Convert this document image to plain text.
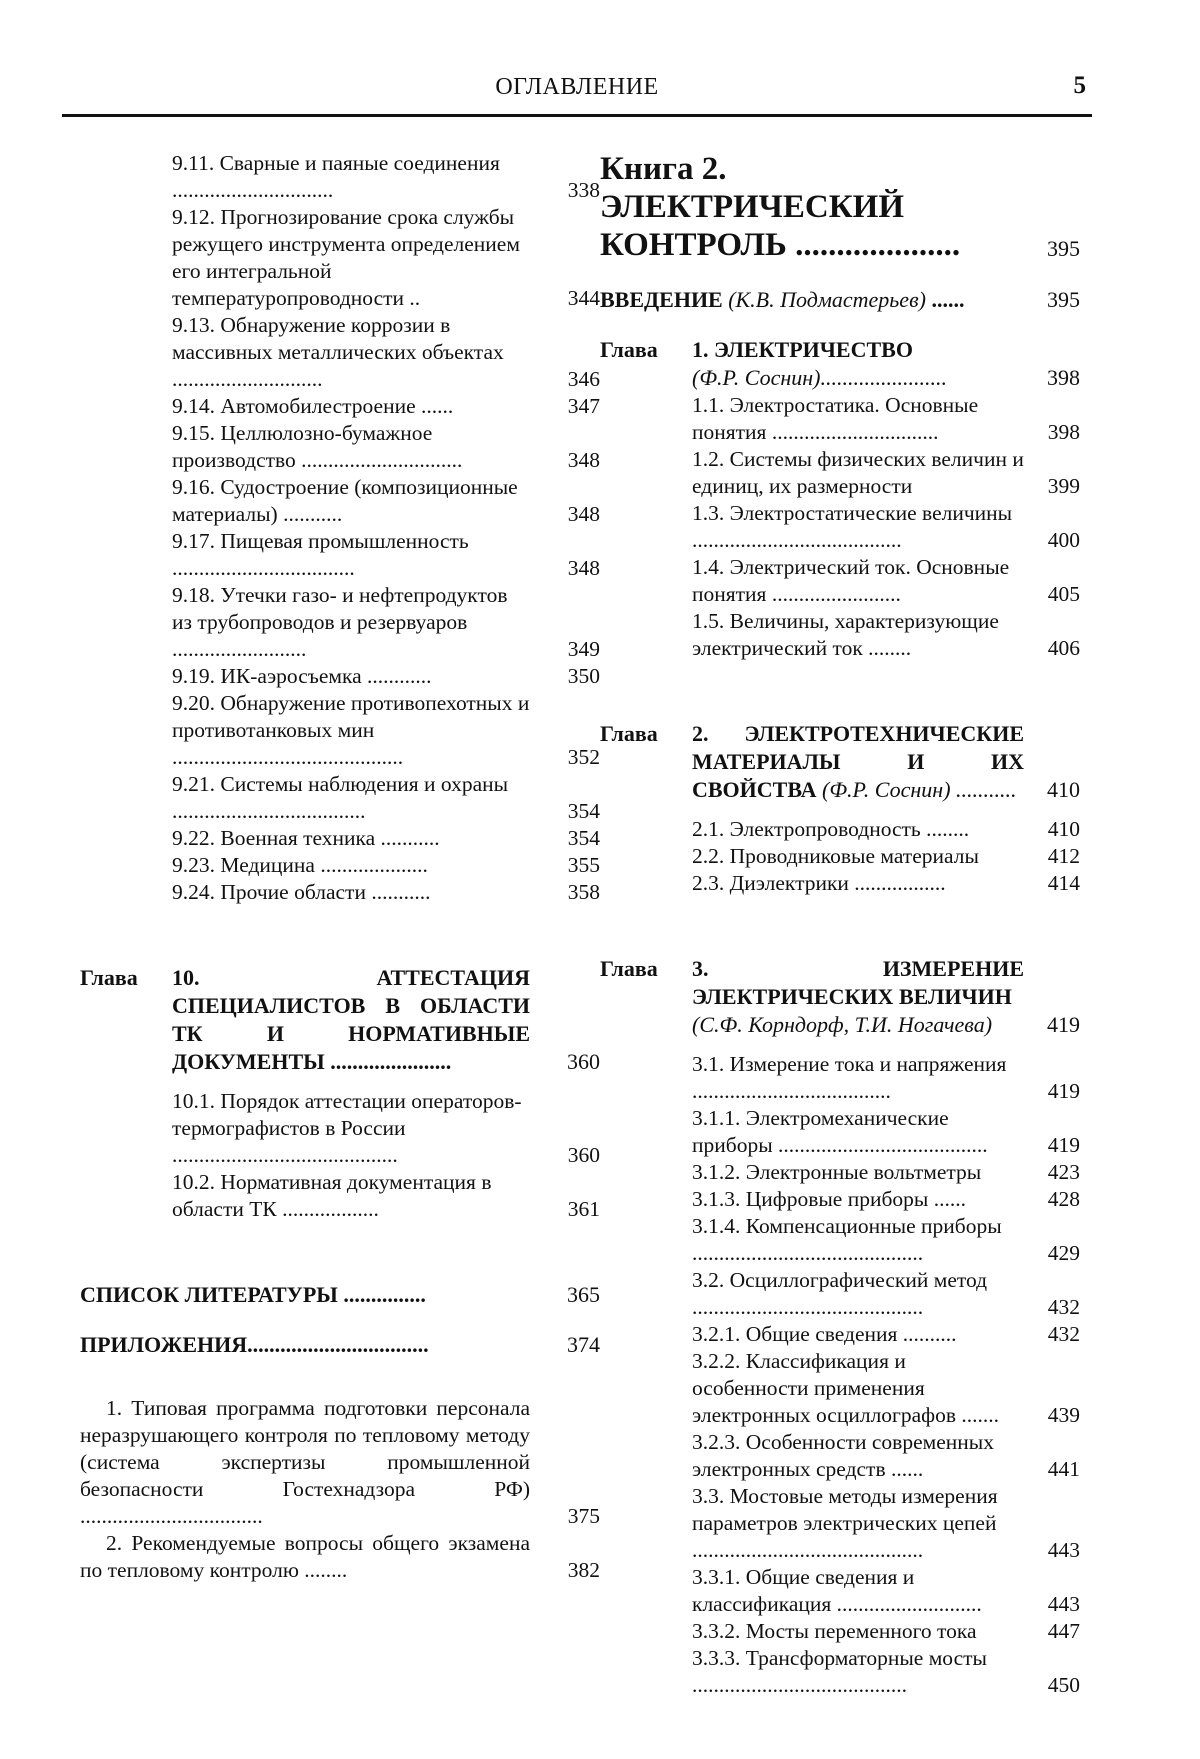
ОГЛАВЛЕНИЕ	5
9.11. Сварные и паяные соединения ..............................	338
9.12. Прогнозирование срока службы режущего инструмента определением его интегральной температуропроводности ..	344
9.13. Обнаружение коррозии в массивных металлических объектах ............................	346
9.14. Автомобилестроение ......	347
9.15. Целлюлозно-бумажное производство ..............................	348
9.16. Судостроение (композиционные материалы) ...........	348
9.17. Пищевая промышленность ..................................	348
9.18. Утечки газо- и нефтепродуктов из трубопроводов и резервуаров .........................	349
9.19. ИК-аэросъемка ............	350
9.20. Обнаружение противопехотных и противотанковых мин ...........................................	352
9.21. Системы наблюдения и охраны ....................................	354
9.22. Военная техника ...........	354
9.23. Медицина ....................	355
9.24. Прочие области ...........	358
Глава	10. АТТЕСТАЦИЯ СПЕЦИАЛИСТОВ В ОБЛАСТИ ТК И НОРМАТИВНЫЕ ДОКУМЕНТЫ ......................	360
10.1. Порядок аттестации операторов-термографистов в России ..........................................	360
10.2. Нормативная документация в области ТК ..................	361
СПИСОК ЛИТЕРАТУРЫ ...............	365
ПРИЛОЖЕНИЯ.................................	374
1. Типовая программа подготовки персонала неразрушающего контроля по тепловому методу (система экспертизы промышленной безопасности Гостехнадзора РФ) ..................................	375
2. Рекомендуемые вопросы общего экзамена по тепловому контролю ........	382
Книга 2. ЭЛЕКТРИЧЕСКИЙ КОНТРОЛЬ ....................	395
ВВЕДЕНИЕ (К.В. Подмастерьев) ......	395
Глава	1. ЭЛЕКТРИЧЕСТВО
(Ф.Р. Соснин).......................	398
1.1. Электростатика. Основные понятия ...............................	398
1.2. Системы физических величин и единиц, их размерности	399
1.3. Электростатические величины .......................................	400
1.4. Электрический ток. Основные понятия ........................	405
1.5. Величины, характеризующие электрический ток ........	406
Глава	2. ЭЛЕКТРОТЕХНИЧЕСКИЕ МАТЕРИАЛЫ И ИХ СВОЙСТВА (Ф.Р. Соснин) ...........	410
2.1. Электропроводность ........	410
2.2. Проводниковые материалы	412
2.3. Диэлектрики .................	414
Глава	3. ИЗМЕРЕНИЕ ЭЛЕКТРИЧЕСКИХ ВЕЛИЧИН
(С.Ф. Корндорф, Т.И. Ногачева)	419
3.1. Измерение тока и напряжения .....................................	419
3.1.1. Электромеханические приборы .......................................	419
3.1.2. Электронные вольтметры	423
3.1.3. Цифровые приборы ......	428
3.1.4. Компенсационные приборы ...........................................	429
3.2. Осциллографический метод ...........................................	432
3.2.1. Общие сведения ..........	432
3.2.2. Классификация и особенности применения электронных осциллографов .......	439
3.2.3. Особенности современных электронных средств ......	441
3.3. Мостовые методы измерения параметров электрических цепей ...........................................	443
3.3.1. Общие сведения и классификация ...........................	443
3.3.2. Мосты переменного тока	447
3.3.3. Трансформаторные мосты ........................................	450
